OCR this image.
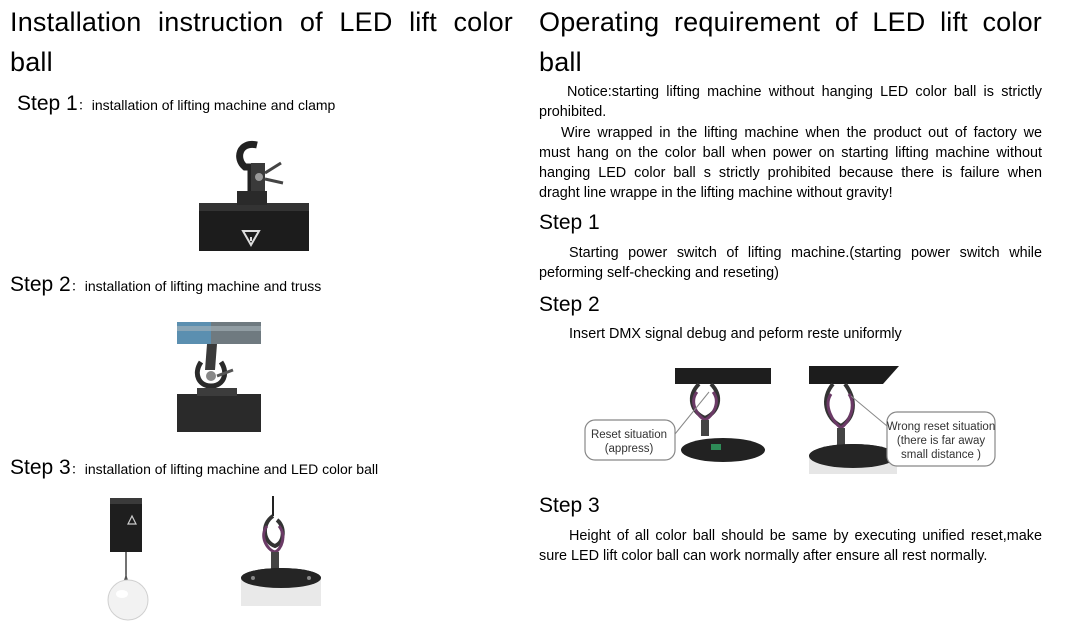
Installation instruction of LED lift color ball
Step 1：installation of lifting machine and clamp
Step 2：installation of lifting machine and truss
Step 3：installation of lifting machine and LED color ball
Operating requirement of LED lift color ball
Notice:starting lifting machine without hanging LED color ball is strictly prohibited.
Wire wrapped in the lifting machine when the product out of factory we must hang on the color ball when power on starting lifting machine without hanging LED color ball s strictly prohibited because there is failure when draght line wrappe in the lifting machine without gravity!
Step 1
Starting power switch of lifting machine.(starting power switch while peforming self-checking and reseting)
Step 2
Insert DMX signal debug and peform reste uniformly
Reset situation
(appress)
Wrong reset situation
(there is far away
small distance )
Step 3
Height of all color ball should be same by executing unified reset,make sure LED lift color ball can work normally after ensure all rest normally.
